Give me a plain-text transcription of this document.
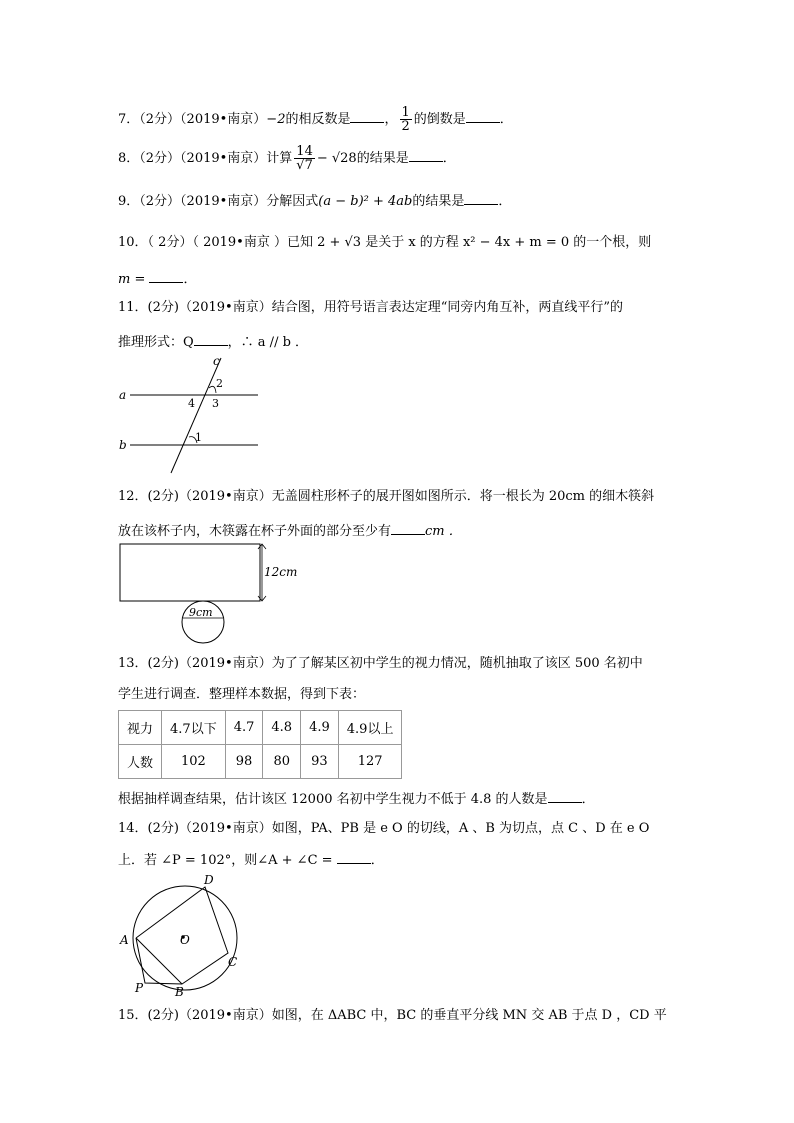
7．（2分）（2019•南京）−2的相反数是	， $\frac{1}{2}$ 的倒数是	．
8．（2分）（2019•南京）计算 $\frac{14}{√7} - √28$的结果是	．
9．（2分）（2019•南京）分解因式(a − b)² + 4ab的结果是	．
10．（ 2分）（ 2019•南京 ）已知 2 + √3 是关于 x 的方程 x² − 4x + m = 0 的一个根，则
m =	．
11．(2分)（2019•南京）结合图，用符号语言表达定理“同旁内角互补，两直线平行”的
推理形式：Q	，∴ a // b ．
a
b
c
2
3
4
1
12．(2分)（2019•南京）无盖圆柱形杯子的展开图如图所示．将一根长为 20cm 的细木筷斜
放在该杯子内，木筷露在杯子外面的部分至少有	cm ．
12cm
9cm
13．(2分)（2019•南京）为了了解某区初中学生的视力情况，随机抽取了该区 500 名初中
学生进行调查．整理样本数据，得到下表：
视力	4.7以下	4.7	4.8	4.9	4.9以上
人数	102	98	80	93	127
根据抽样调查结果，估计该区 12000 名初中学生视力不低于 4.8 的人数是	．
14．(2分)（2019•南京）如图，PA、PB 是 e O 的切线，A 、B 为切点，点 C 、D 在 e O
上．若 ∠P = 102°，则∠A + ∠C =	．
O
A
D
C
B
P
15．(2分)（2019•南京）如图，在 ΔABC 中，BC 的垂直平分线 MN 交 AB 于点 D ，CD 平
